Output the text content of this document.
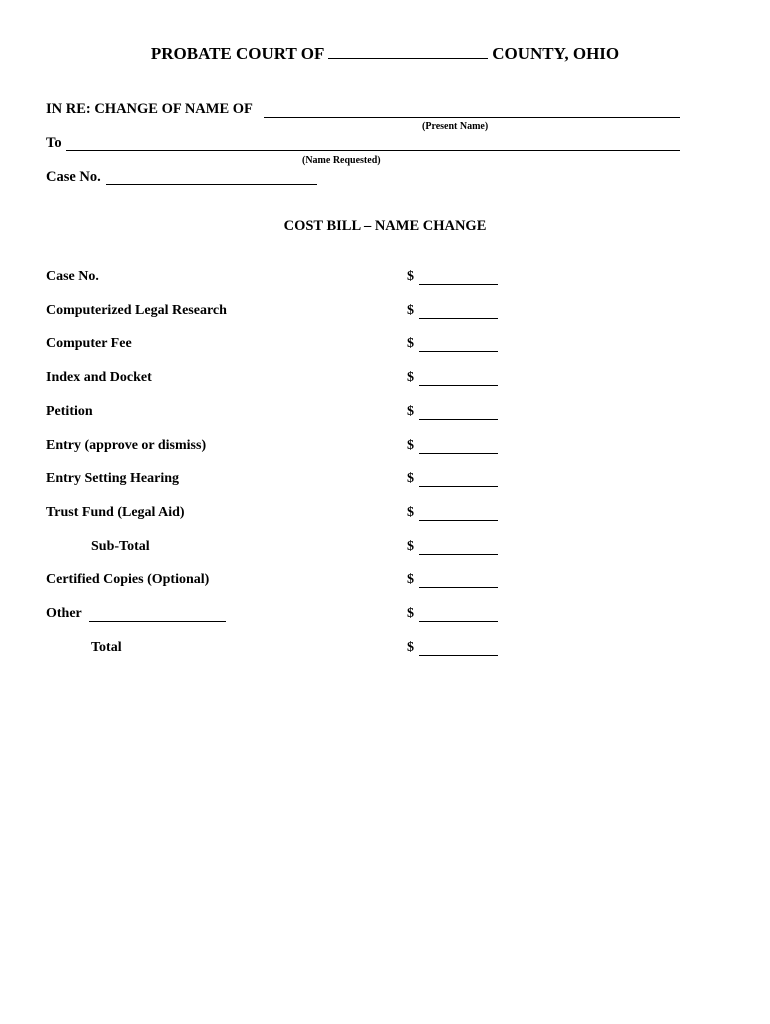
PROBATE COURT OF	COUNTY, OHIO
IN RE: CHANGE OF NAME OF
(Present Name)
To
(Name Requested)
Case No.
COST BILL – NAME CHANGE
Case No.	$
Computerized Legal Research	$
Computer Fee	$
Index and Docket	$
Petition	$
Entry (approve or dismiss)	$
Entry Setting Hearing	$
Trust Fund (Legal Aid)	$
Sub-Total	$
Certified Copies (Optional)	$
Other	$
Total	$
